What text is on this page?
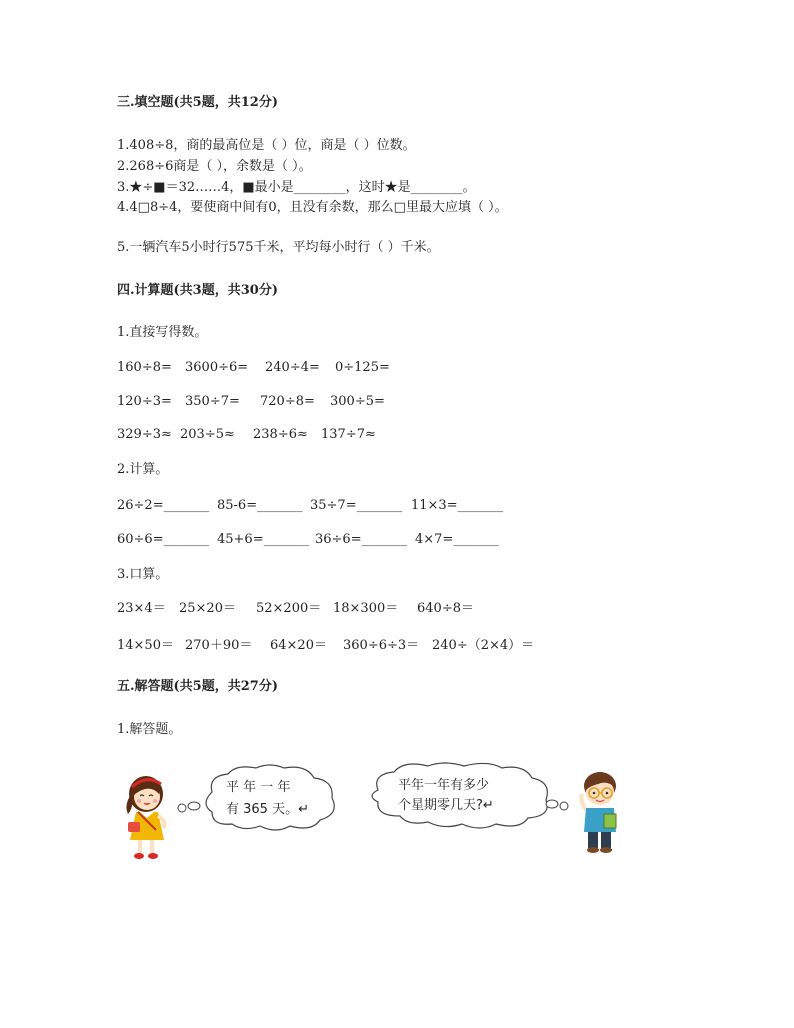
三.填空题(共5题，共12分)
1.408÷8，商的最高位是（ ）位，商是（ ）位数。
2.268÷6商是（ ），余数是（ ）。
3.★÷■＝32……4，■最小是________，这时★是________。
4.4□8÷4，要使商中间有0，且没有余数，那么□里最大应填（ ）。
5.一辆汽车5小时行575千米，平均每小时行（ ）千米。
四.计算题(共3题，共30分)
1.直接写得数。
160÷8= 3600÷6= 240÷4= 0÷125=
120÷3= 350÷7= 720÷8= 300÷5=
329÷3≈ 203÷5≈ 238÷6≈ 137÷7≈
2.计算。
26÷2=_______ 85-6=_______ 35÷7=_______ 11×3=_______
60÷6=_______ 45+6=_______ 36÷6=_______ 4×7=_______
3.口算。
23×4＝ 25×20＝ 52×200＝ 18×300＝ 640÷8＝
14×50＝ 270＋90＝ 64×20＝ 360÷6÷3＝ 240÷（2×4）＝
五.解答题(共5题，共27分)
1.解答题。
平 年 一 年
有 365 天。↵
平年一年有多少
个星期零几天?↵
